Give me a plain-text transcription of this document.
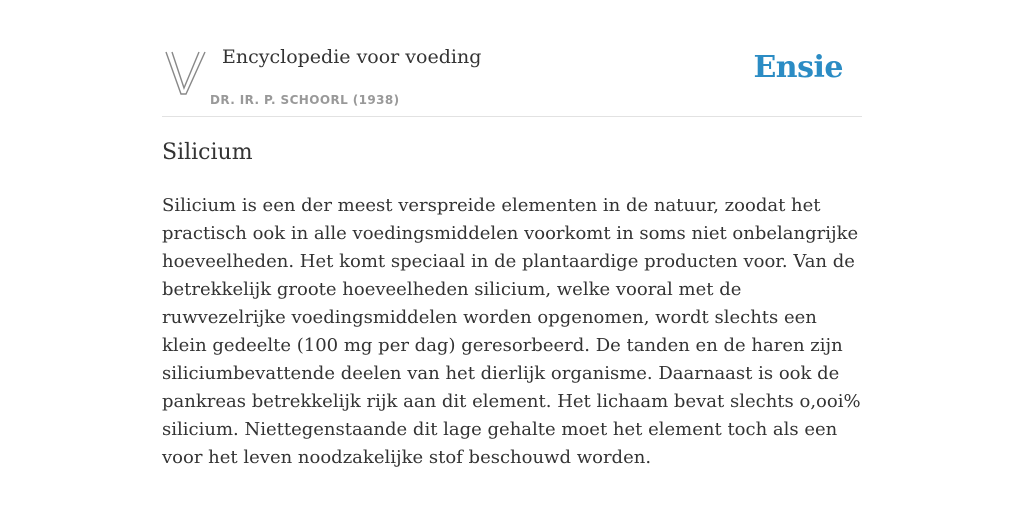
Encyclopedie voor voeding
DR. IR. P. SCHOORL (1938)
Ensie
Silicium

Silicium is een der meest verspreide elementen in de natuur, zoodat het practisch ook in alle voedingsmiddelen voorkomt in soms niet onbelangrijke hoeveelheden. Het komt speciaal in de plantaardige producten voor. Van de betrekkelijk groote hoeveelheden silicium, welke vooral met de ruwvezelrijke voedingsmiddelen worden opgenomen, wordt slechts een klein gedeelte (100 mg per dag) geresorbeerd. De tanden en de haren zijn siliciumbevattende deelen van het dierlijk organisme. Daarnaast is ook de pankreas betrekkelijk rijk aan dit element. Het lichaam bevat slechts o,ooi% silicium. Niettegenstaande dit lage gehalte moet het element toch als een voor het leven noodzakelijke stof beschouwd worden.
